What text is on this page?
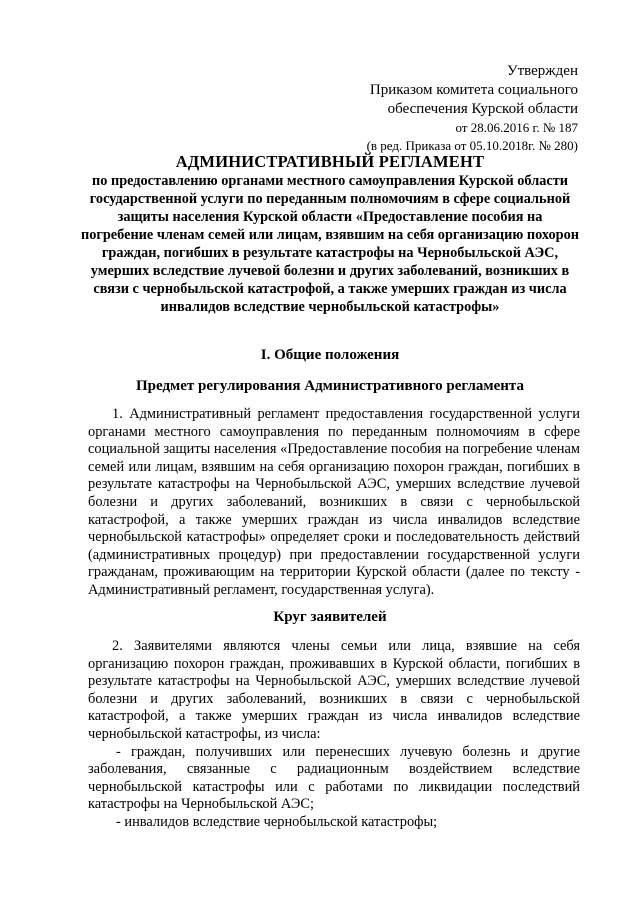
Утвержден
Приказом комитета социального
обеспечения Курской области
от 28.06.2016 г. № 187
(в ред. Приказа от 05.10.2018г. № 280)
АДМИНИСТРАТИВНЫЙ РЕГЛАМЕНТ
по предоставлению органами местного самоуправления Курской области государственной услуги по переданным полномочиям в сфере социальной защиты населения Курской области «Предоставление пособия на погребение членам семей или лицам, взявшим на себя организацию похорон граждан, погибших в результате катастрофы на Чернобыльской АЭС, умерших вследствие лучевой болезни и других заболеваний, возникших в связи с чернобыльской катастрофой, а также умерших граждан из числа инвалидов вследствие чернобыльской катастрофы»
I. Общие положения
Предмет регулирования Административного регламента

1. Административный регламент предоставления государственной услуги органами местного самоуправления по переданным полномочиям в сфере социальной защиты населения «Предоставление пособия на погребение членам семей или лицам, взявшим на себя организацию похорон граждан, погибших в результате катастрофы на Чернобыльской АЭС, умерших вследствие лучевой болезни и других заболеваний, возникших в связи с чернобыльской катастрофой, а также умерших граждан из числа инвалидов вследствие чернобыльской катастрофы» определяет сроки и последовательность действий (административных процедур) при предоставлении государственной услуги гражданам, проживающим на территории Курской области (далее по тексту - Административный регламент, государственная услуга).

Круг заявителей

2. Заявителями являются члены семьи или лица, взявшие на себя организацию похорон граждан, проживавших в Курской области, погибших в результате катастрофы на Чернобыльской АЭС, умерших вследствие лучевой болезни и других заболеваний, возникших в связи с чернобыльской катастрофой, а также умерших граждан из числа инвалидов вследствие чернобыльской катастрофы, из числа:

- граждан, получивших или перенесших лучевую болезнь и другие заболевания, связанные с радиационным воздействием вследствие чернобыльской катастрофы или с работами по ликвидации последствий катастрофы на Чернобыльской АЭС;

- инвалидов вследствие чернобыльской катастрофы;
